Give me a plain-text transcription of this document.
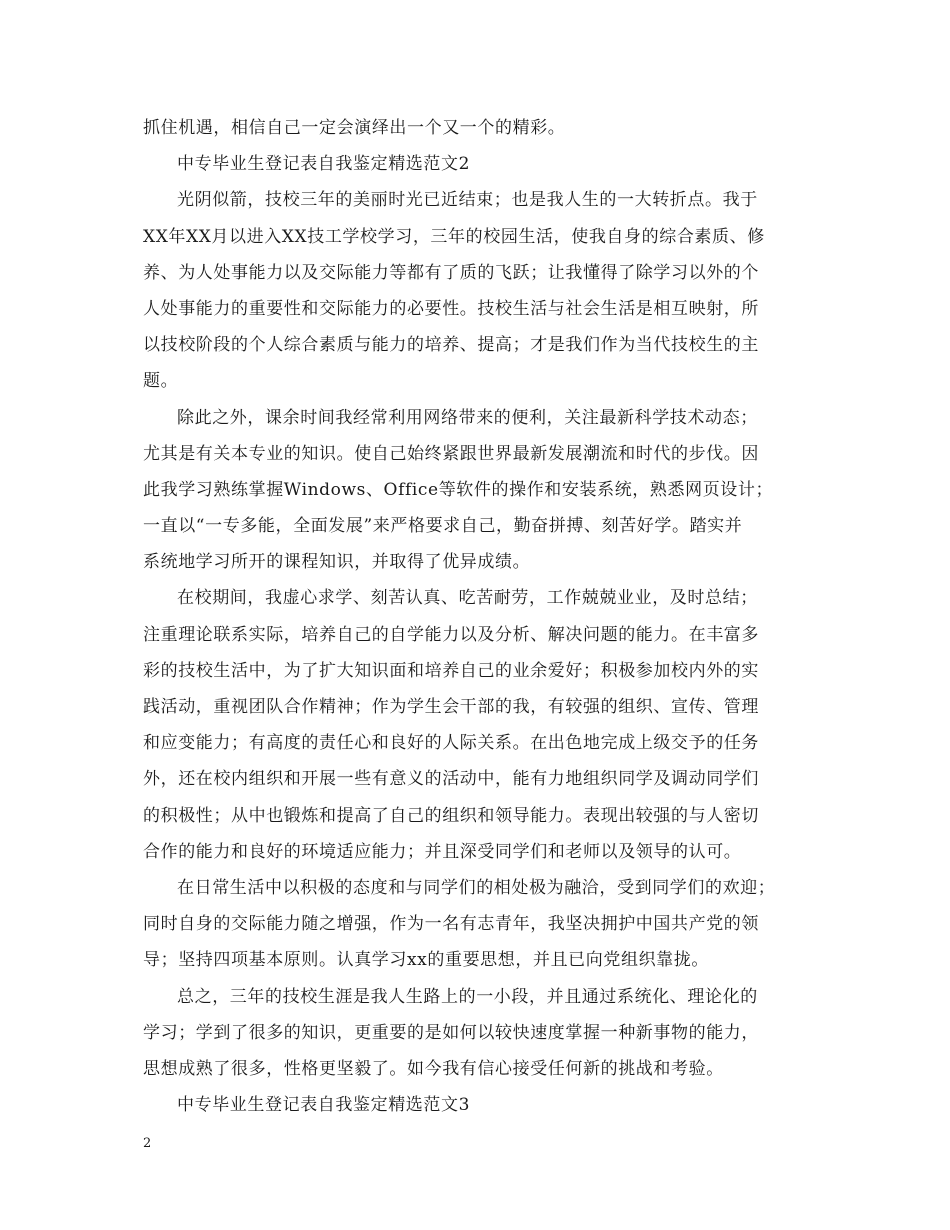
抓住机遇，相信自己一定会演绎出一个又一个的精彩。
中专毕业生登记表自我鉴定精选范文2
光阴似箭，技校三年的美丽时光已近结束；也是我人生的一大转折点。我于
XX年XX月以进入XX技工学校学习，三年的校园生活，使我自身的综合素质、修
养、为人处事能力以及交际能力等都有了质的飞跃；让我懂得了除学习以外的个
人处事能力的重要性和交际能力的必要性。技校生活与社会生活是相互映射，所
以技校阶段的个人综合素质与能力的培养、提高；才是我们作为当代技校生的主
题。
除此之外，课余时间我经常利用网络带来的便利，关注最新科学技术动态；
尤其是有关本专业的知识。使自己始终紧跟世界最新发展潮流和时代的步伐。因
此我学习熟练掌握Windows、Office等软件的操作和安装系统，熟悉网页设计；
一直以“一专多能，全面发展”来严格要求自己，勤奋拼搏、刻苦好学。踏实并
系统地学习所开的课程知识，并取得了优异成绩。
在校期间，我虚心求学、刻苦认真、吃苦耐劳，工作兢兢业业，及时总结；
注重理论联系实际，培养自己的自学能力以及分析、解决问题的能力。在丰富多
彩的技校生活中，为了扩大知识面和培养自己的业余爱好；积极参加校内外的实
践活动，重视团队合作精神；作为学生会干部的我，有较强的组织、宣传、管理
和应变能力；有高度的责任心和良好的人际关系。在出色地完成上级交予的任务
外，还在校内组织和开展一些有意义的活动中，能有力地组织同学及调动同学们
的积极性；从中也锻炼和提高了自己的组织和领导能力。表现出较强的与人密切
合作的能力和良好的环境适应能力；并且深受同学们和老师以及领导的认可。
在日常生活中以积极的态度和与同学们的相处极为融洽，受到同学们的欢迎；
同时自身的交际能力随之增强，作为一名有志青年，我坚决拥护中国共产党的领
导；坚持四项基本原则。认真学习xx的重要思想，并且已向党组织靠拢。
总之，三年的技校生涯是我人生路上的一小段，并且通过系统化、理论化的
学习；学到了很多的知识，更重要的是如何以较快速度掌握一种新事物的能力，
思想成熟了很多，性格更坚毅了。如今我有信心接受任何新的挑战和考验。
中专毕业生登记表自我鉴定精选范文3
2
